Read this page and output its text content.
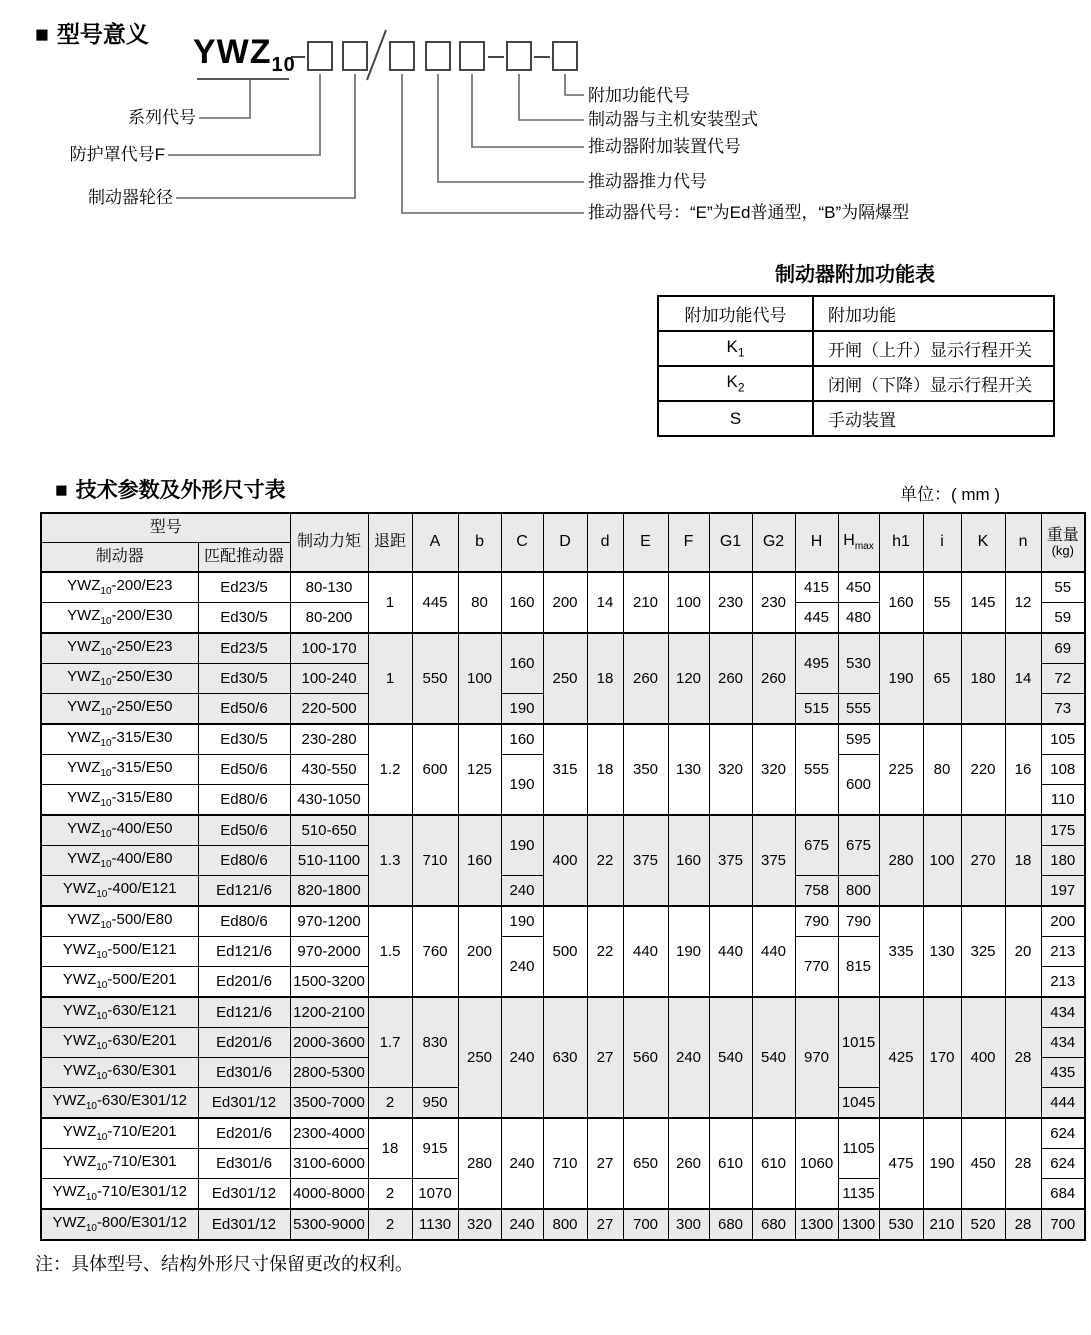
■ 型号意义 $YWZ_{10}$
系列代号
防护罩代号F
制动器轮径
附加功能代号
制动器与主机安装型式
推动器附加装置代号
推动器推力代号
推动器代号：“E”为Ed普通型，“B”为隔爆型
制动器附加功能表
附加功能代号	附加功能
$K_1$	开闸（上升）显示行程开关
$K_2$	闭闸（下降）显示行程开关
S	手动装置
■ 技术参数及外形尺寸表	单位：( mm )
型号		制动力矩	退距	A	b	C	D	d	E	F	G1	G2	H	$H_{max}$	h1	i	K	n	重量
(kg)

制动器	匹配推动器																		
$YWZ_{10}-200/E23$	Ed23/5	80-130	1	445	80	160	200	14	210	100	230	230	415	450	160	55	145	12	55
$YWZ_{10}-200/E30$	Ed30/5	80-200											445	480					59
$YWZ_{10}-250/E23$	Ed23/5	100-170	1	550	100	160	250	18	260	120	260	260	495	530	190	65	180	14	69
$YWZ_{10}-250/E30$	Ed30/5	100-240																	72
$YWZ_{10}-250/E50$	Ed50/6	220-500				190							515	555					73
$YWZ_{10}-315/E30$	Ed30/5	230-280	1.2	600	125	160	315	18	350	130	320	320	555	595	225	80	220	16	105
$YWZ_{10}-315/E50$	Ed50/6	430-550				190								600					108
$YWZ_{10}-315/E80$	Ed80/6	430-1050																	110
$YWZ_{10}-400/E50$	Ed50/6	510-650	1.3	710	160	190	400	22	375	160	375	375	675	675	280	100	270	18	175
$YWZ_{10}-400/E80$	Ed80/6	510-1100																	180
$YWZ_{10}-400/E121$	Ed121/6	820-1800				240							758	800					197
$YWZ_{10}-500/E80$	Ed80/6	970-1200	1.5	760	200	190	500	22	440	190	440	440	790	790	335	130	325	20	200
$YWZ_{10}-500/E121$	Ed121/6	970-2000				240							770	815					213
$YWZ_{10}-500/E201$	Ed201/6	1500-3200																	213
$YWZ_{10}-630/E121$	Ed121/6	1200-2100	1.7	830	250	240	630	27	560	240	540	540	970	1015	425	170	400	28	434
$YWZ_{10}-630/E201$	Ed201/6	2000-3600																	434
$YWZ_{10}-630/E301$	Ed301/6	2800-5300																	435
$YWZ_{10}-630/E301/12$	Ed301/12	3500-7000	2	950										1045					444
$YWZ_{10}-710/E201$	Ed201/6	2300-4000	18	915	280	240	710	27	650	260	610	610	1060	1105	475	190	450	28	624
$YWZ_{10}-710/E301$	Ed301/6	3100-6000																	624
$YWZ_{10}-710/E301/12$	Ed301/12	4000-8000	2	1070										1135					684
$YWZ_{10}-800/E301/12$	Ed301/12	5300-9000	2	1130	320	240	800	27	700	300	680	680	1300	1300	530	210	520	28	700
注：具体型号、结构外形尺寸保留更改的权利。
